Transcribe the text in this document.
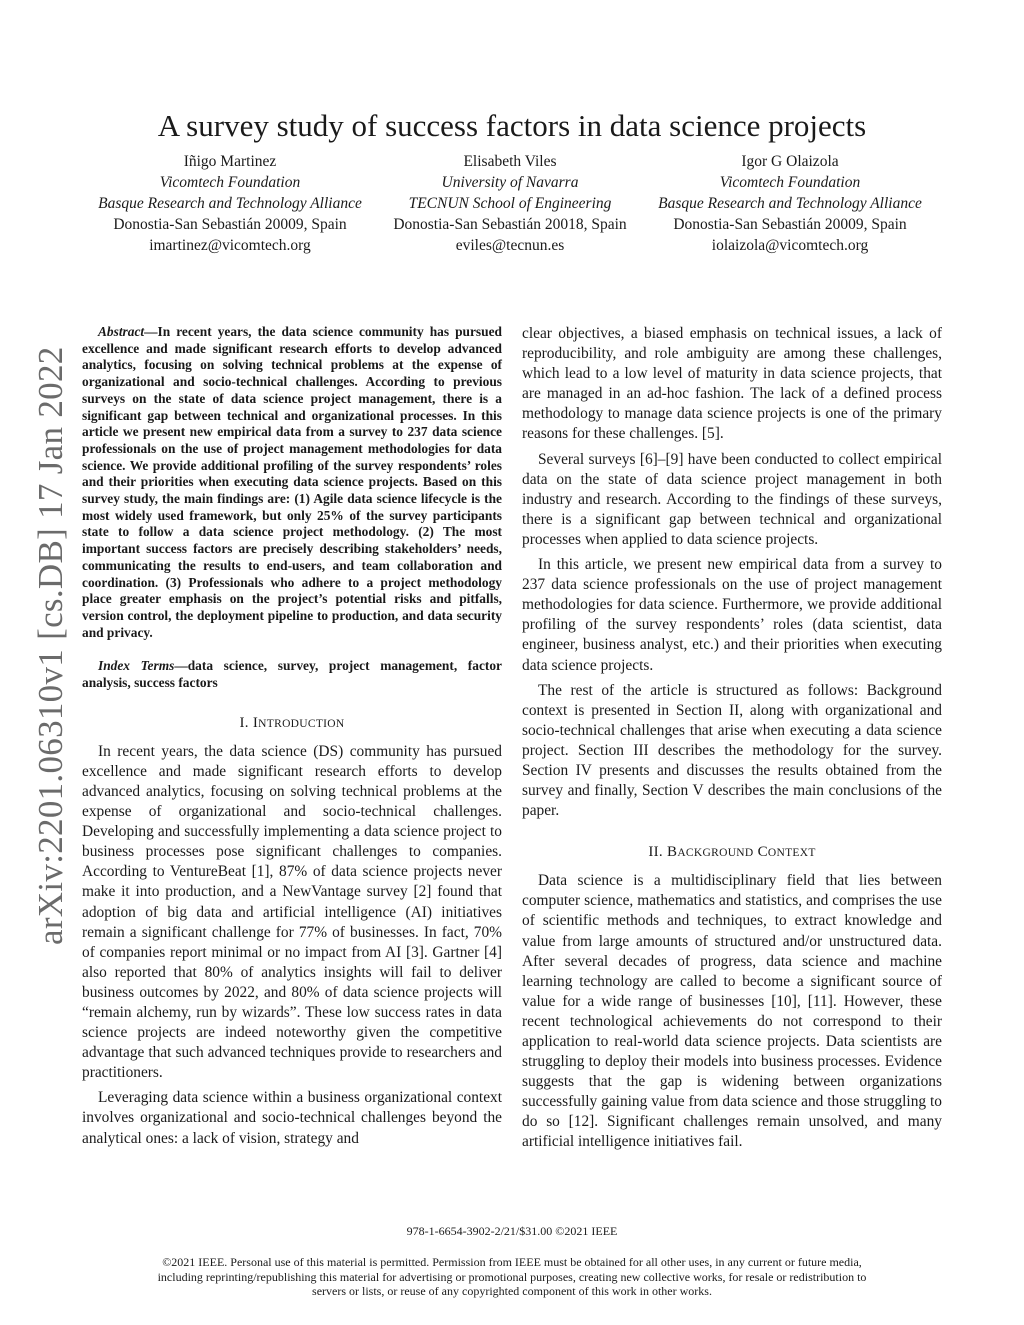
A survey study of success factors in data science projects
Iñigo Martinez
Vicomtech Foundation
Basque Research and Technology Alliance
Donostia-San Sebastián 20009, Spain
imartinez@vicomtech.org
Elisabeth Viles
University of Navarra
TECNUN School of Engineering
Donostia-San Sebastián 20018, Spain
eviles@tecnun.es
Igor G Olaizola
Vicomtech Foundation
Basque Research and Technology Alliance
Donostia-San Sebastián 20009, Spain
iolaizola@vicomtech.org
arXiv:2201.06310v1 [cs.DB] 17 Jan 2022

Abstract—In recent years, the data science community has pursued excellence and made significant research efforts to develop advanced analytics, focusing on solving technical problems at the expense of organizational and socio-technical challenges. According to previous surveys on the state of data science project management, there is a significant gap between technical and organizational processes. In this article we present new empirical data from a survey to 237 data science professionals on the use of project management methodologies for data science. We provide additional profiling of the survey respondents’ roles and their priorities when executing data science projects. Based on this survey study, the main findings are: (1) Agile data science lifecycle is the most widely used framework, but only 25% of the survey participants state to follow a data science project methodology. (2) The most important success factors are precisely describing stakeholders’ needs, communicating the results to end-users, and team collaboration and coordination. (3) Professionals who adhere to a project methodology place greater emphasis on the project’s potential risks and pitfalls, version control, the deployment pipeline to production, and data security and privacy.

Index Terms—data science, survey, project management, factor analysis, success factors

I. INTRODUCTION

In recent years, the data science (DS) community has pursued excellence and made significant research efforts to develop advanced analytics, focusing on solving technical problems at the expense of organizational and socio-technical challenges. Developing and successfully implementing a data science project to business processes pose significant challenges to companies. According to VentureBeat [1], 87% of data science projects never make it into production, and a NewVantage survey [2] found that adoption of big data and artificial intelligence (AI) initiatives remain a significant challenge for 77% of businesses. In fact, 70% of companies report minimal or no impact from AI [3]. Gartner [4] also reported that 80% of analytics insights will fail to deliver business outcomes by 2022, and 80% of data science projects will “remain alchemy, run by wizards”. These low success rates in data science projects are indeed noteworthy given the competitive advantage that such advanced techniques provide to researchers and practitioners.

Leveraging data science within a business organizational context involves organizational and socio-technical challenges beyond the analytical ones: a lack of vision, strategy and

clear objectives, a biased emphasis on technical issues, a lack of reproducibility, and role ambiguity are among these challenges, which lead to a low level of maturity in data science projects, that are managed in an ad-hoc fashion. The lack of a defined process methodology to manage data science projects is one of the primary reasons for these challenges. [5].

Several surveys [6]–[9] have been conducted to collect empirical data on the state of data science project management in both industry and research. According to the findings of these surveys, there is a significant gap between technical and organizational processes when applied to data science projects.

In this article, we present new empirical data from a survey to 237 data science professionals on the use of project management methodologies for data science. Furthermore, we provide additional profiling of the survey respondents’ roles (data scientist, data engineer, business analyst, etc.) and their priorities when executing data science projects.

The rest of the article is structured as follows: Background context is presented in Section II, along with organizational and socio-technical challenges that arise when executing a data science project. Section III describes the methodology for the survey. Section IV presents and discusses the results obtained from the survey and finally, Section V describes the main conclusions of the paper.

II. BACKGROUND CONTEXT

Data science is a multidisciplinary field that lies between computer science, mathematics and statistics, and comprises the use of scientific methods and techniques, to extract knowledge and value from large amounts of structured and/or unstructured data. After several decades of progress, data science and machine learning technology are called to become a significant source of value for a wide range of businesses [10], [11]. However, these recent technological achievements do not correspond to their application to real-world data science projects. Data scientists are struggling to deploy their models into business processes. Evidence suggests that the gap is widening between organizations successfully gaining value from data science and those struggling to do so [12]. Significant challenges remain unsolved, and many artificial intelligence initiatives fail.

978-1-6654-3902-2/21/$31.00 ©2021 IEEE
©2021 IEEE. Personal use of this material is permitted. Permission from IEEE must be obtained for all other uses, in any current or future media, including reprinting/republishing this material for advertising or promotional purposes, creating new collective works, for resale or redistribution to servers or lists, or reuse of any copyrighted component of this work in other works.
